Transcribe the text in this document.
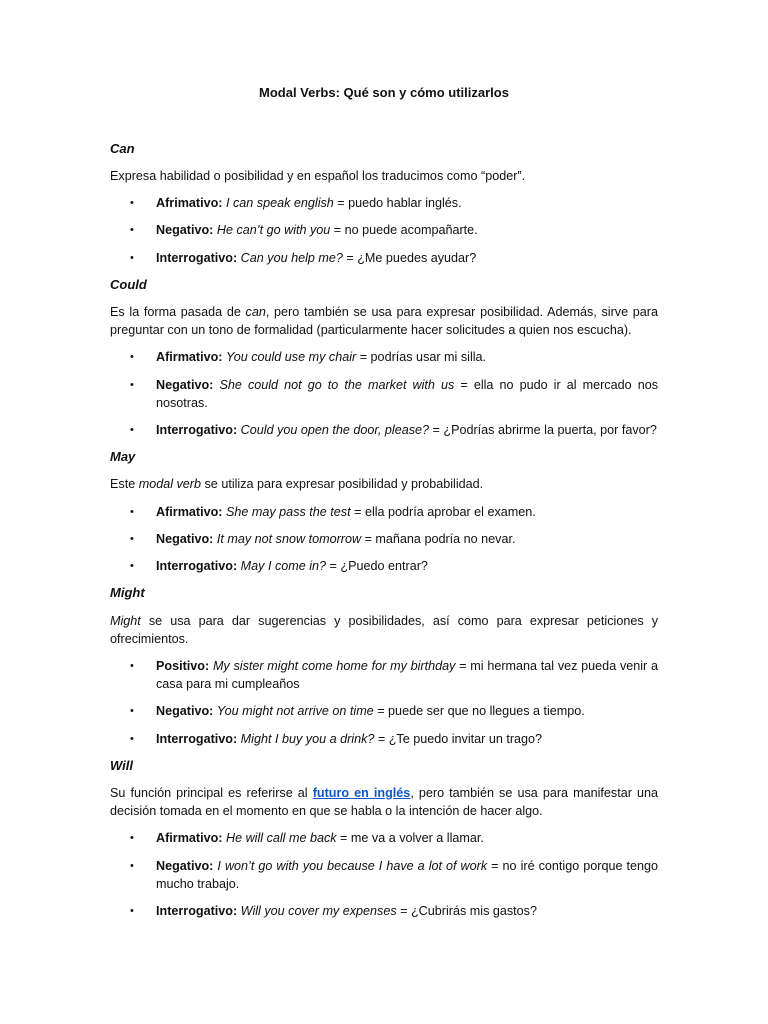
Modal Verbs: Qué son y cómo utilizarlos
Can
Expresa habilidad o posibilidad y en español los traducimos como “poder”.
•	Afrimativo: I can speak english = puedo hablar inglés.
•	Negativo: He can’t go with you = no puede acompañarte.
•	Interrogativo: Can you help me? = ¿Me puedes ayudar?
Could
Es la forma pasada de can, pero también se usa para expresar posibilidad. Además, sirve para preguntar con un tono de formalidad (particularmente hacer solicitudes a quien nos escucha).
•	Afirmativo: You could use my chair = podrías usar mi silla.
•	Negativo: She could not go to the market with us = ella no pudo ir al mercado nos nosotras.
•	Interrogativo: Could you open the door, please? = ¿Podrías abrirme la puerta, por favor?
May
Este modal verb se utiliza para expresar posibilidad y probabilidad.
•	Afirmativo: She may pass the test = ella podría aprobar el examen.
•	Negativo: It may not snow tomorrow = mañana podría no nevar.
•	Interrogativo: May I come in? = ¿Puedo entrar?
Might
Might se usa para dar sugerencias y posibilidades, así como para expresar peticiones y ofrecimientos.
•	Positivo: My sister might come home for my birthday = mi hermana tal vez pueda venir a casa para mi cumpleaños
•	Negativo: You might not arrive on time = puede ser que no llegues a tiempo.
•	Interrogativo: Might I buy you a drink? = ¿Te puedo invitar un trago?
Will
Su función principal es referirse al futuro en inglés, pero también se usa para manifestar una decisión tomada en el momento en que se habla o la intención de hacer algo.
•	Afirmativo: He will call me back = me va a volver a llamar.
•	Negativo: I won’t go with you because I have a lot of work = no iré contigo porque tengo mucho trabajo.
•	Interrogativo: Will you cover my expenses = ¿Cubrirás mis gastos?
